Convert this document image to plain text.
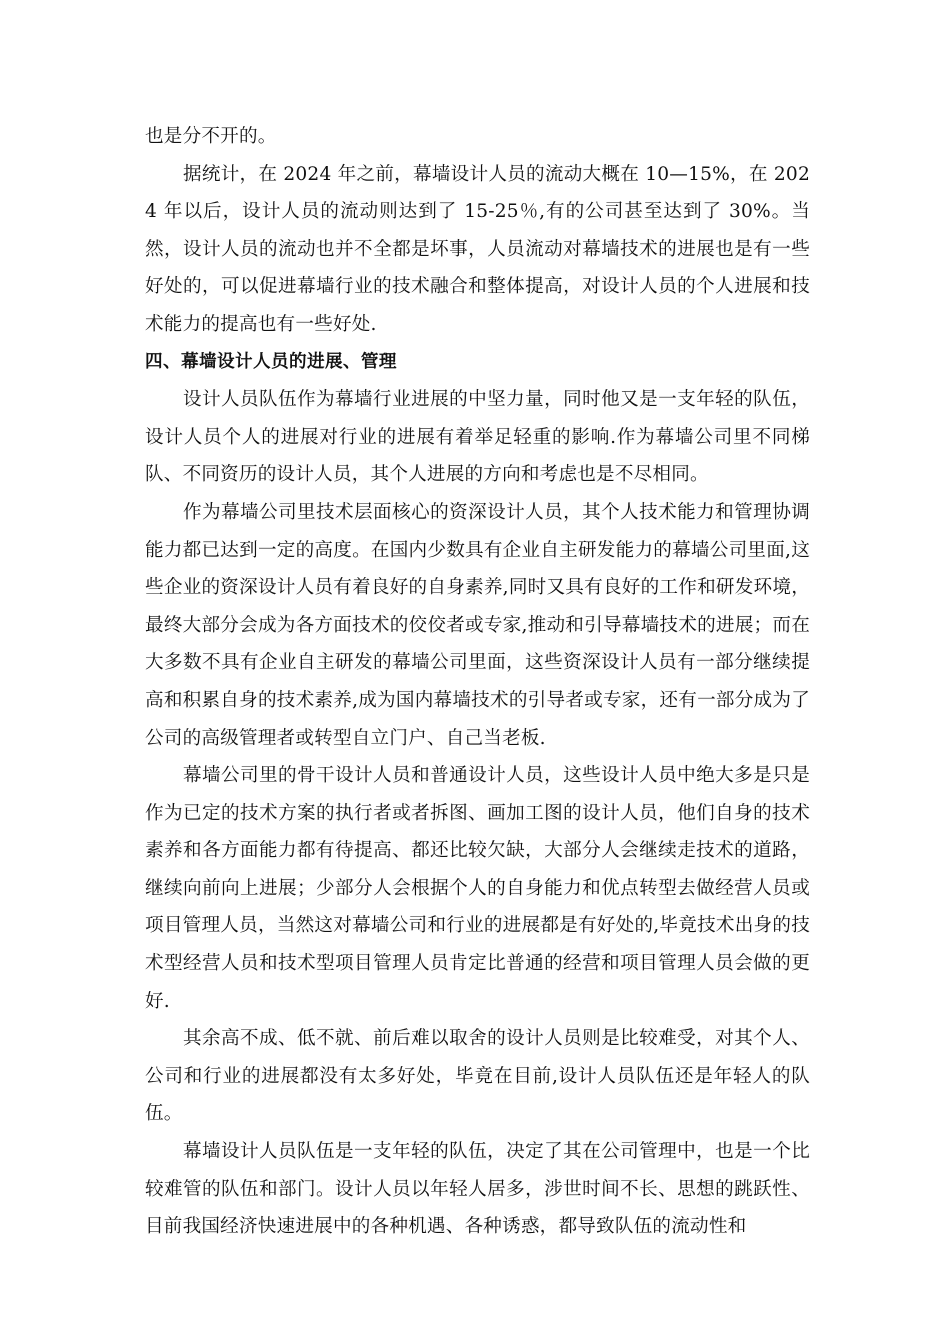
也是分不开的。

据统计，在 2024 年之前，幕墙设计人员的流动大概在 10—15%，在 2024 年以后，设计人员的流动则达到了 15-25％,有的公司甚至达到了 30%。当然，设计人员的流动也并不全都是坏事，人员流动对幕墙技术的进展也是有一些好处的，可以促进幕墙行业的技术融合和整体提高，对设计人员的个人进展和技术能力的提高也有一些好处.

四、幕墙设计人员的进展、管理

设计人员队伍作为幕墙行业进展的中坚力量，同时他又是一支年轻的队伍，设计人员个人的进展对行业的进展有着举足轻重的影响.作为幕墙公司里不同梯队、不同资历的设计人员，其个人进展的方向和考虑也是不尽相同。

作为幕墙公司里技术层面核心的资深设计人员，其个人技术能力和管理协调能力都已达到一定的高度。在国内少数具有企业自主研发能力的幕墙公司里面,这些企业的资深设计人员有着良好的自身素养,同时又具有良好的工作和研发环境，最终大部分会成为各方面技术的佼佼者或专家,推动和引导幕墙技术的进展；而在大多数不具有企业自主研发的幕墙公司里面，这些资深设计人员有一部分继续提高和积累自身的技术素养,成为国内幕墙技术的引导者或专家，还有一部分成为了公司的高级管理者或转型自立门户、自己当老板.

幕墙公司里的骨干设计人员和普通设计人员，这些设计人员中绝大多是只是作为已定的技术方案的执行者或者拆图、画加工图的设计人员，他们自身的技术素养和各方面能力都有待提高、都还比较欠缺，大部分人会继续走技术的道路，继续向前向上进展；少部分人会根据个人的自身能力和优点转型去做经营人员或项目管理人员，当然这对幕墙公司和行业的进展都是有好处的,毕竟技术出身的技术型经营人员和技术型项目管理人员肯定比普通的经营和项目管理人员会做的更好.

其余高不成、低不就、前后难以取舍的设计人员则是比较难受，对其个人、公司和行业的进展都没有太多好处，毕竟在目前,设计人员队伍还是年轻人的队伍。

幕墙设计人员队伍是一支年轻的队伍，决定了其在公司管理中，也是一个比较难管的队伍和部门。设计人员以年轻人居多，涉世时间不长、思想的跳跃性、目前我国经济快速进展中的各种机遇、各种诱惑，都导致队伍的流动性和
